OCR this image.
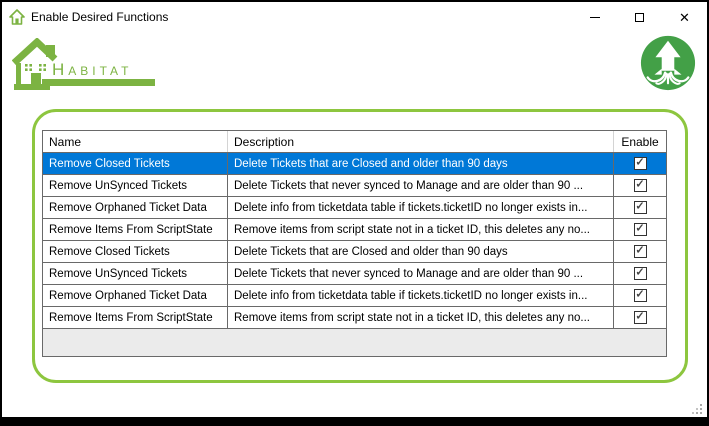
Enable Desired Functions	✕
Habitat
Name	Description	Enable
Remove Closed Tickets	Delete Tickets that are Closed and older than 90 days	✓
Remove UnSynced Tickets	Delete Tickets that never synced to Manage and are older than 90 ...	✓
Remove Orphaned Ticket Data	Delete info from ticketdata table if tickets.ticketID no longer exists in...	✓
Remove Items From ScriptState	Remove items from script state not in a ticket ID, this deletes any no...	✓
Remove Closed Tickets	Delete Tickets that are Closed and older than 90 days	✓
Remove UnSynced Tickets	Delete Tickets that never synced to Manage and are older than 90 ...	✓
Remove Orphaned Ticket Data	Delete info from ticketdata table if tickets.ticketID no longer exists in...	✓
Remove Items From ScriptState	Remove items from script state not in a ticket ID, this deletes any no...	✓
